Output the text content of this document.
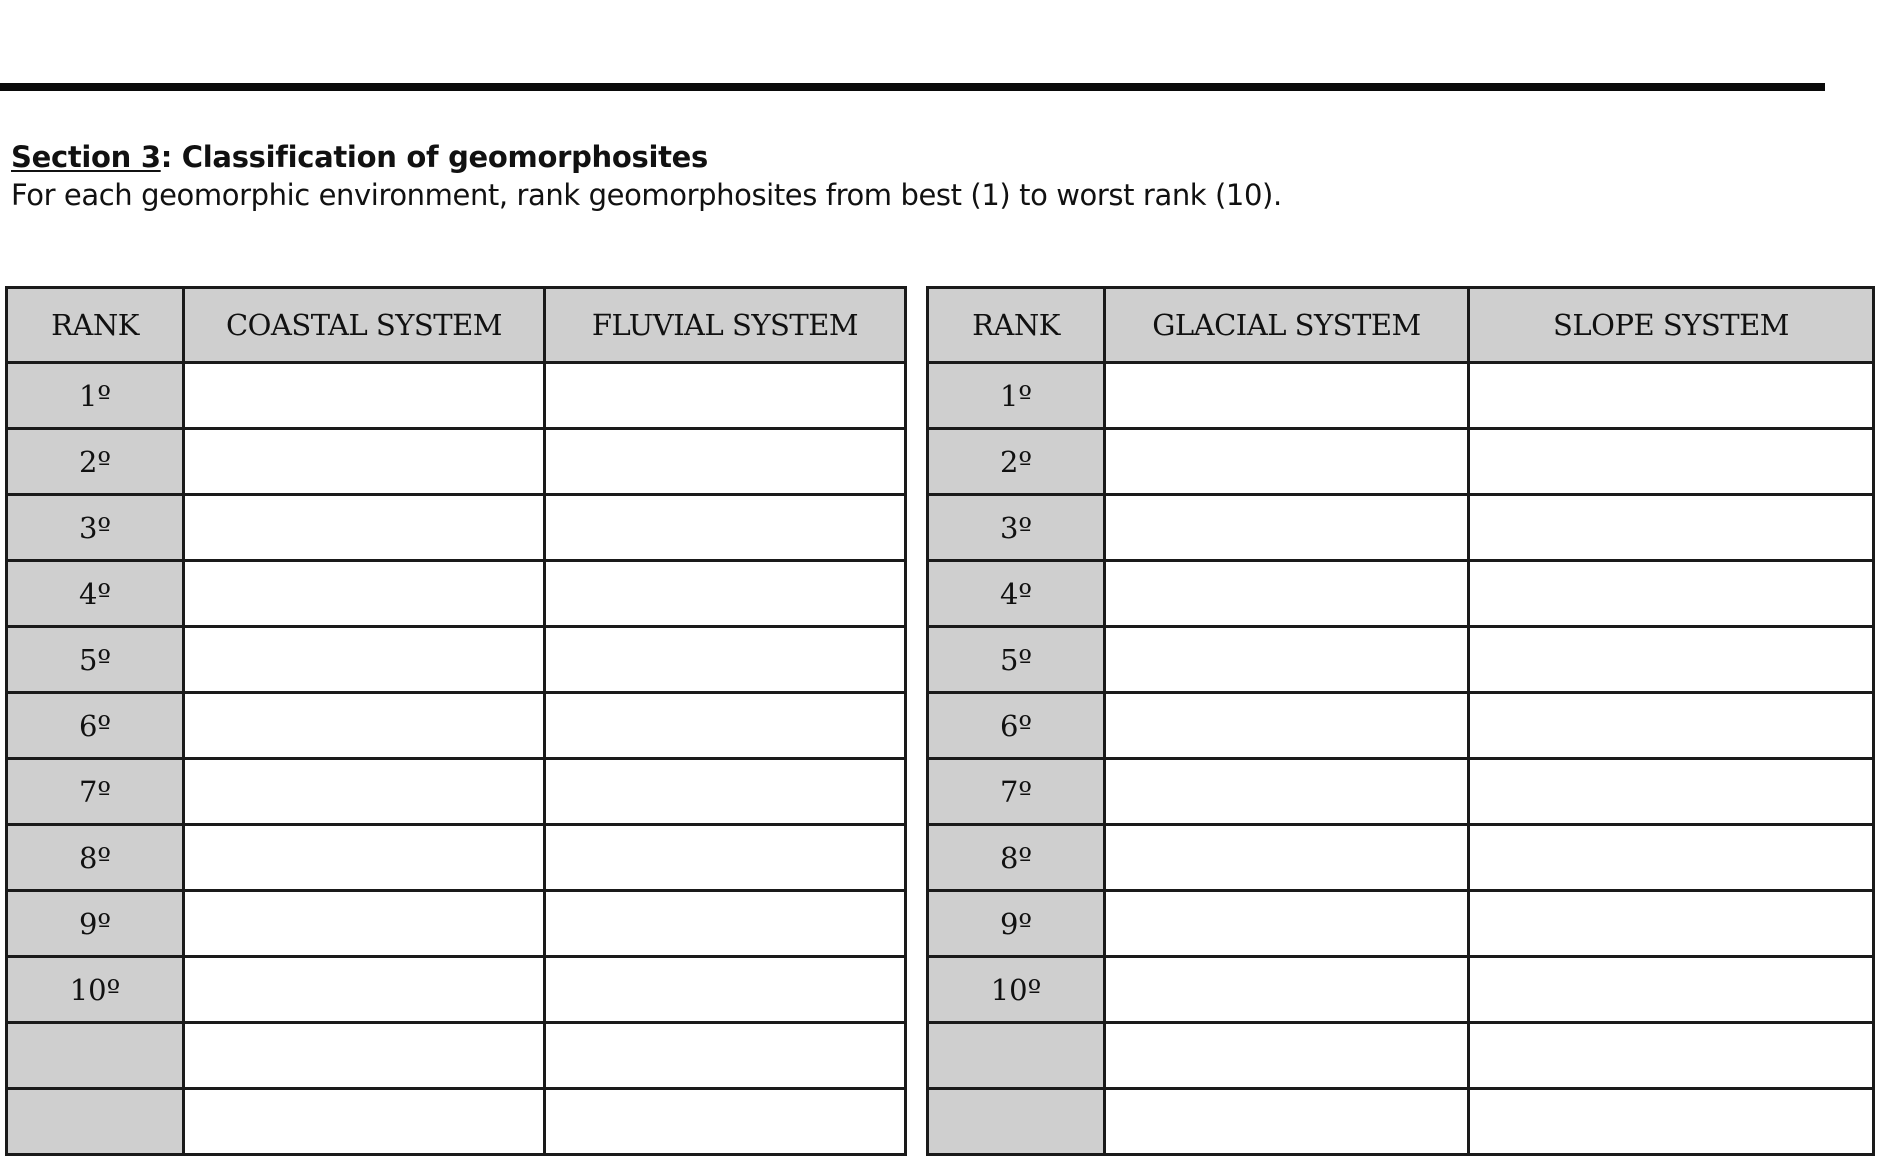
Section 3: Classification of geomorphosites
For each geomorphic environment, rank geomorphosites from best (1) to worst rank (10).
RANK	COASTAL SYSTEM	FLUVIAL SYSTEM
1º		
2º		
3º		
4º		
5º		
6º		
7º		
8º		
9º		
10º		

RANK	GLACIAL SYSTEM	SLOPE SYSTEM
1º		
2º		
3º		
4º		
5º		
6º		
7º		
8º		
9º		
10º		
